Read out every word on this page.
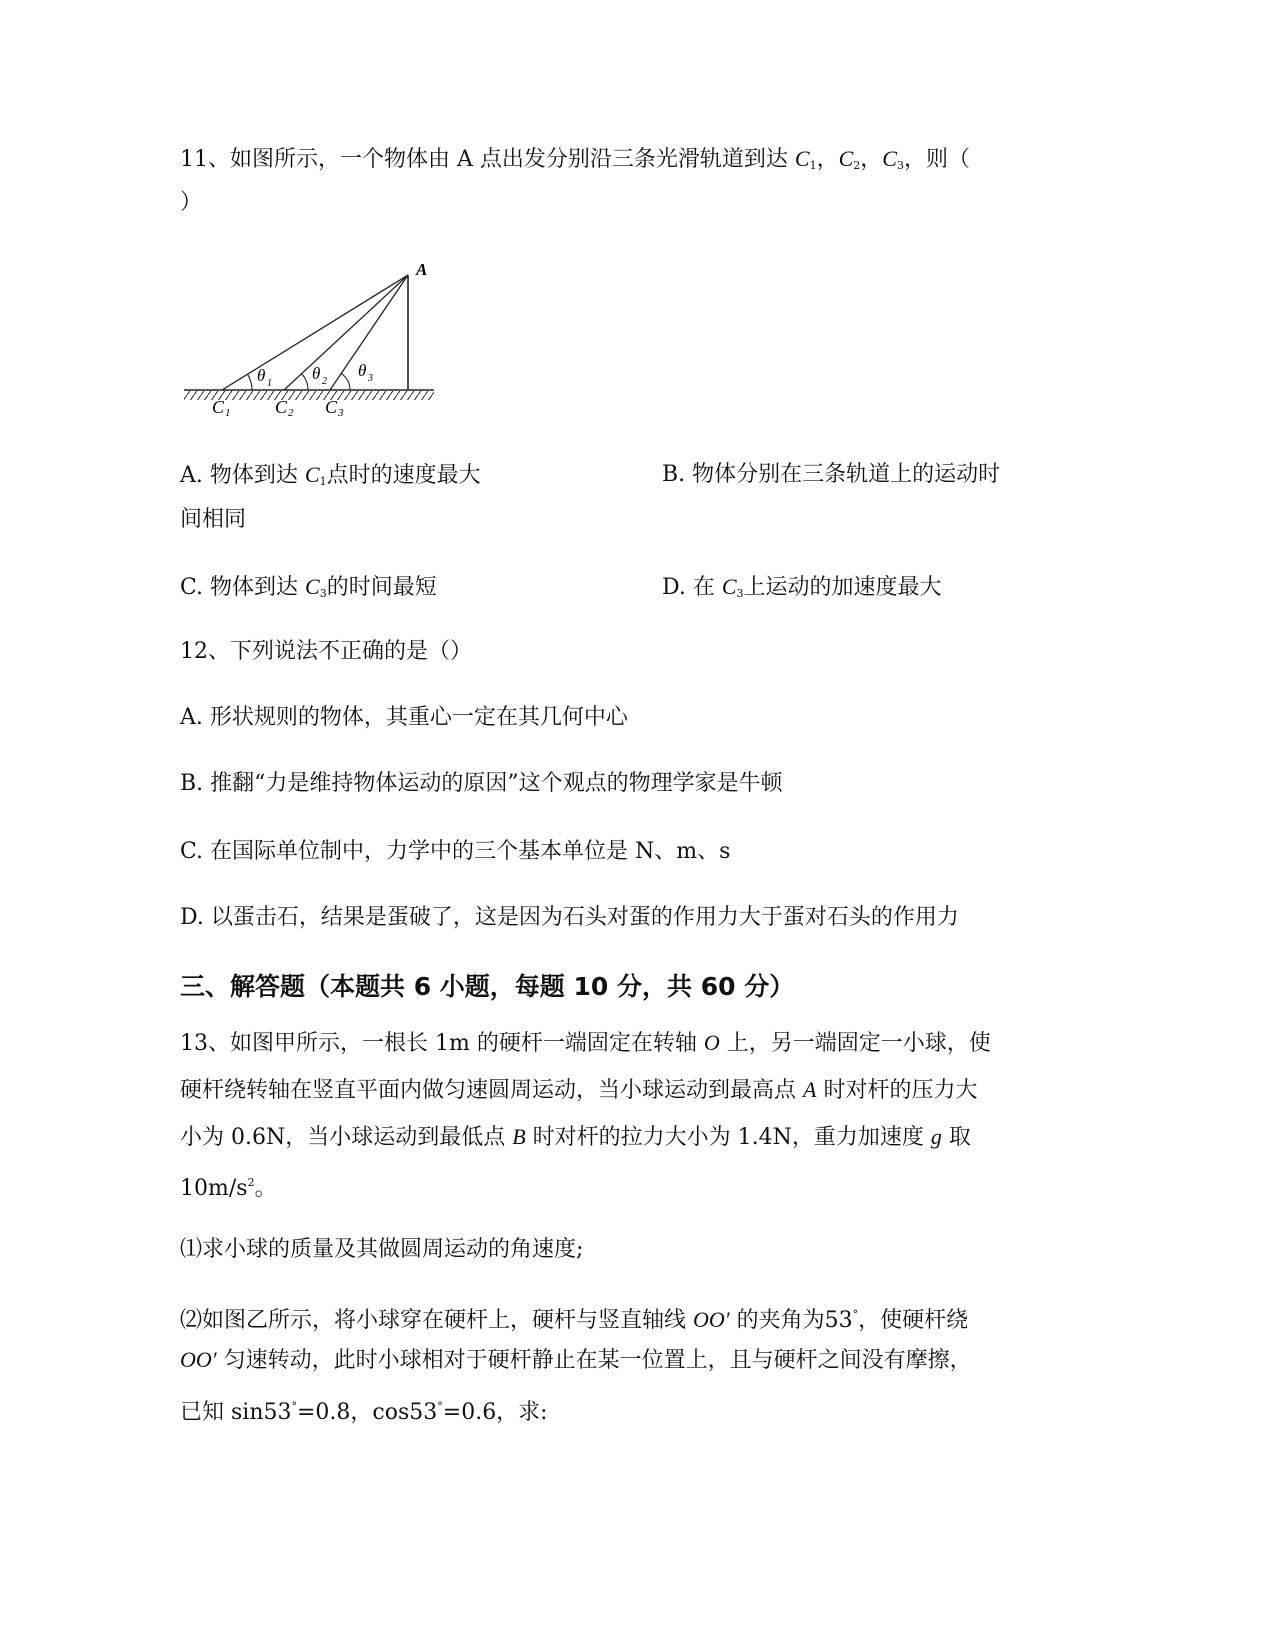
11、如图所示，一个物体由 A 点出发分别沿三条光滑轨道到达 $C_1$，$C_2$，$C_3$，则（
）
A
θ 1
θ 2
θ 3
C 1 C 2 C 3
A. 物体到达 $C_1$点时的速度最大	B. 物体分别在三条轨道上的运动时
间相同
C. 物体到达 $C_3$的时间最短	D. 在 $C_3$上运动的加速度最大
12、下列说法不正确的是（）
A. 形状规则的物体，其重心一定在其几何中心
B. 推翻“力是维持物体运动的原因”这个观点的物理学家是牛顿
C. 在国际单位制中，力学中的三个基本单位是 N、m、s
D. 以蛋击石，结果是蛋破了，这是因为石头对蛋的作用力大于蛋对石头的作用力
三、解答题（本题共 6 小题，每题 10 分，共 60 分）
13、如图甲所示，一根长 1m 的硬杆一端固定在转轴 O 上，另一端固定一小球，使
硬杆绕转轴在竖直平面内做匀速圆周运动，当小球运动到最高点 A 时对杆的压力大
小为 0.6N，当小球运动到最低点 B 时对杆的拉力大小为 1.4N，重力加速度 g 取
$10m/s^2$。
⑴求小球的质量及其做圆周运动的角速度;
⑵如图乙所示，将小球穿在硬杆上，硬杆与竖直轴线 OO′ 的夹角为53°，使硬杆绕
OO′ 匀速转动，此时小球相对于硬杆静止在某一位置上，且与硬杆之间没有摩擦，
已知 sin53°=0.8，cos53°=0.6，求:
